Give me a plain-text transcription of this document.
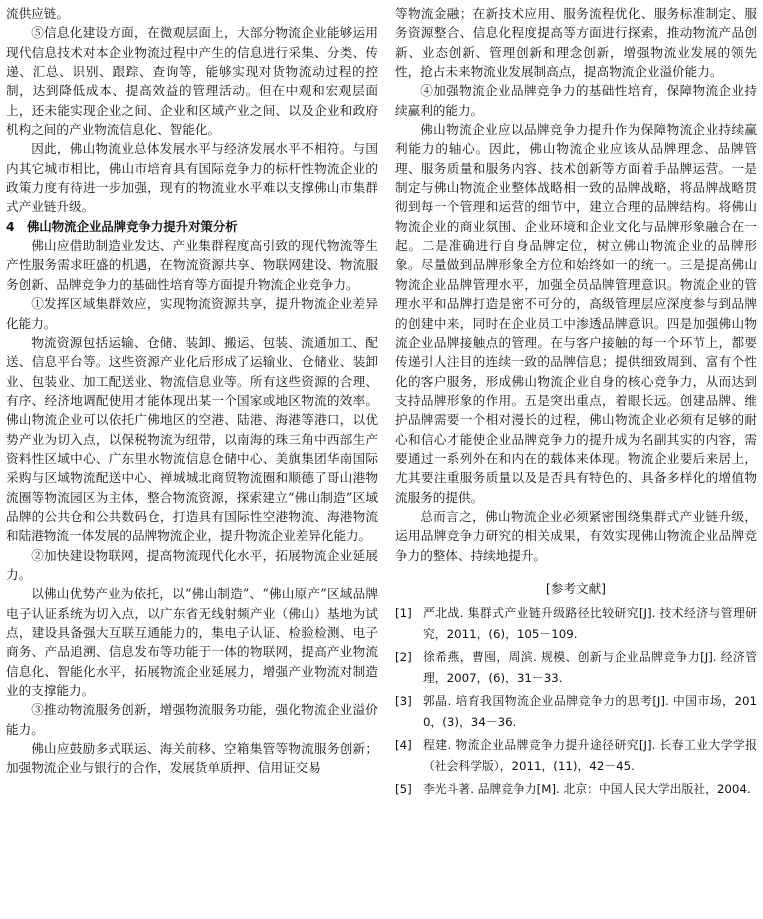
流供应链。

⑤信息化建设方面，在微观层面上，大部分物流企业能够运用现代信息技术对本企业物流过程中产生的信息进行采集、分类、传递、汇总、识别、跟踪、查询等，能够实现对货物流动过程的控制，达到降低成本、提高效益的管理活动。但在中观和宏观层面上，还未能实现企业之间、企业和区域产业之间、以及企业和政府机构之间的产业物流信息化、智能化。

因此，佛山物流业总体发展水平与经济发展水平不相符。与国内其它城市相比，佛山市培育具有国际竞争力的标杆性物流企业的政策力度有待进一步加强，现有的物流业水平难以支撑佛山市集群式产业链升级。

4　佛山物流企业品牌竞争力提升对策分析

佛山应借助制造业发达、产业集群程度高引致的现代物流等生产性服务需求旺盛的机遇，在物流资源共享、物联网建设、物流服务创新、品牌竞争力的基础性培育等方面提升物流企业竞争力。

①发挥区域集群效应，实现物流资源共享，提升物流企业差异化能力。

物流资源包括运输、仓储、装卸、搬运、包装、流通加工、配送、信息平台等。这些资源产业化后形成了运输业、仓储业、装卸业、包装业、加工配送业、物流信息业等。所有这些资源的合理、有序、经济地调配使用才能体现出某一个国家或地区物流的效率。佛山物流企业可以依托广佛地区的空港、陆港、海港等港口，以优势产业为切入点，以保税物流为纽带，以南海的珠三角中西部生产资料性区域中心、广东里水物流信息仓储中心、美旗集团华南国际采购与区域物流配送中心、禅城城北商贸物流圈和顺德了哥山港物流圈等物流园区为主体，整合物流资源，探索建立“佛山制造”区域品牌的公共仓和公共数码仓，打造具有国际性空港物流、海港物流和陆港物流一体发展的品牌物流企业，提升物流企业差异化能力。

②加快建设物联网，提高物流现代化水平，拓展物流企业延展力。

以佛山优势产业为依托，以“佛山制造”、“佛山原产”区域品牌电子认证系统为切入点，以广东省无线射频产业（佛山）基地为试点，建设具备强大互联互通能力的，集电子认证、检验检测、电子商务、产品追溯、信息发布等功能于一体的物联网，提高产业物流信息化、智能化水平，拓展物流企业延展力，增强产业物流对制造业的支撑能力。

③推动物流服务创新，增强物流服务功能，强化物流企业溢价能力。

佛山应鼓励多式联运、海关前移、空箱集管等物流服务创新；加强物流企业与银行的合作，发展货单质押、信用证交易

等物流金融；在新技术应用、服务流程优化、服务标准制定、服务资源整合、信息化程度提高等方面进行探索，推动物流产品创新、业态创新、管理创新和理念创新，增强物流业发展的领先性，抢占未来物流业发展制高点，提高物流企业溢价能力。

④加强物流企业品牌竞争力的基础性培育，保障物流企业持续赢利的能力。

佛山物流企业应以品牌竞争力提升作为保障物流企业持续赢利能力的轴心。因此，佛山物流企业应该从品牌理念、品牌管理、服务质量和服务内容、技术创新等方面着手品牌运营。一是制定与佛山物流企业整体战略相一致的品牌战略，将品牌战略贯彻到每一个管理和运营的细节中，建立合理的品牌结构。将佛山物流企业的商业氛围、企业环境和企业文化与品牌形象融合在一起。二是准确进行自身品牌定位，树立佛山物流企业的品牌形象。尽量做到品牌形象全方位和始终如一的统一。三是提高佛山物流企业品牌管理水平，加强全员品牌管理意识。物流企业的管理水平和品牌打造是密不可分的，高级管理层应深度参与到品牌的创建中来，同时在企业员工中渗透品牌意识。四是加强佛山物流企业品牌接触点的管理。在与客户接触的每一个环节上，都要传递引人注目的连续一致的品牌信息；提供细致周到、富有个性化的客户服务，形成佛山物流企业自身的核心竞争力，从而达到支持品牌形象的作用。五是突出重点，着眼长远。创建品牌、维护品牌需要一个相对漫长的过程，佛山物流企业必须有足够的耐心和信心才能使企业品牌竞争力的提升成为名副其实的内容，需要通过一系列外在和内在的载体来体现。物流企业要后来居上，尤其要注重服务质量以及是否具有特色的、具备多样化的增值物流服务的提供。

总而言之，佛山物流企业必须紧密围绕集群式产业链升级，运用品牌竞争力研究的相关成果，有效实现佛山物流企业品牌竞争力的整体、持续地提升。

[参考文献]
[1] 严北战. 集群式产业链升级路径比较研究[J]. 技术经济与管理研究，2011，(6)，105－109.
[2] 徐希燕，曹囤，周滨. 规模、创新与企业品牌竞争力[J]. 经济管理，2007，(6)，31－33.
[3] 郭晶. 培育我国物流企业品牌竞争力的思考[J]. 中国市场，2010，(3)，34－36.
[4] 程建. 物流企业品牌竞争力提升途径研究[J]. 长春工业大学学报（社会科学版），2011，(11)，42－45.
[5] 李光斗著. 品牌竞争力[M]. 北京：中国人民大学出版社，2004.
